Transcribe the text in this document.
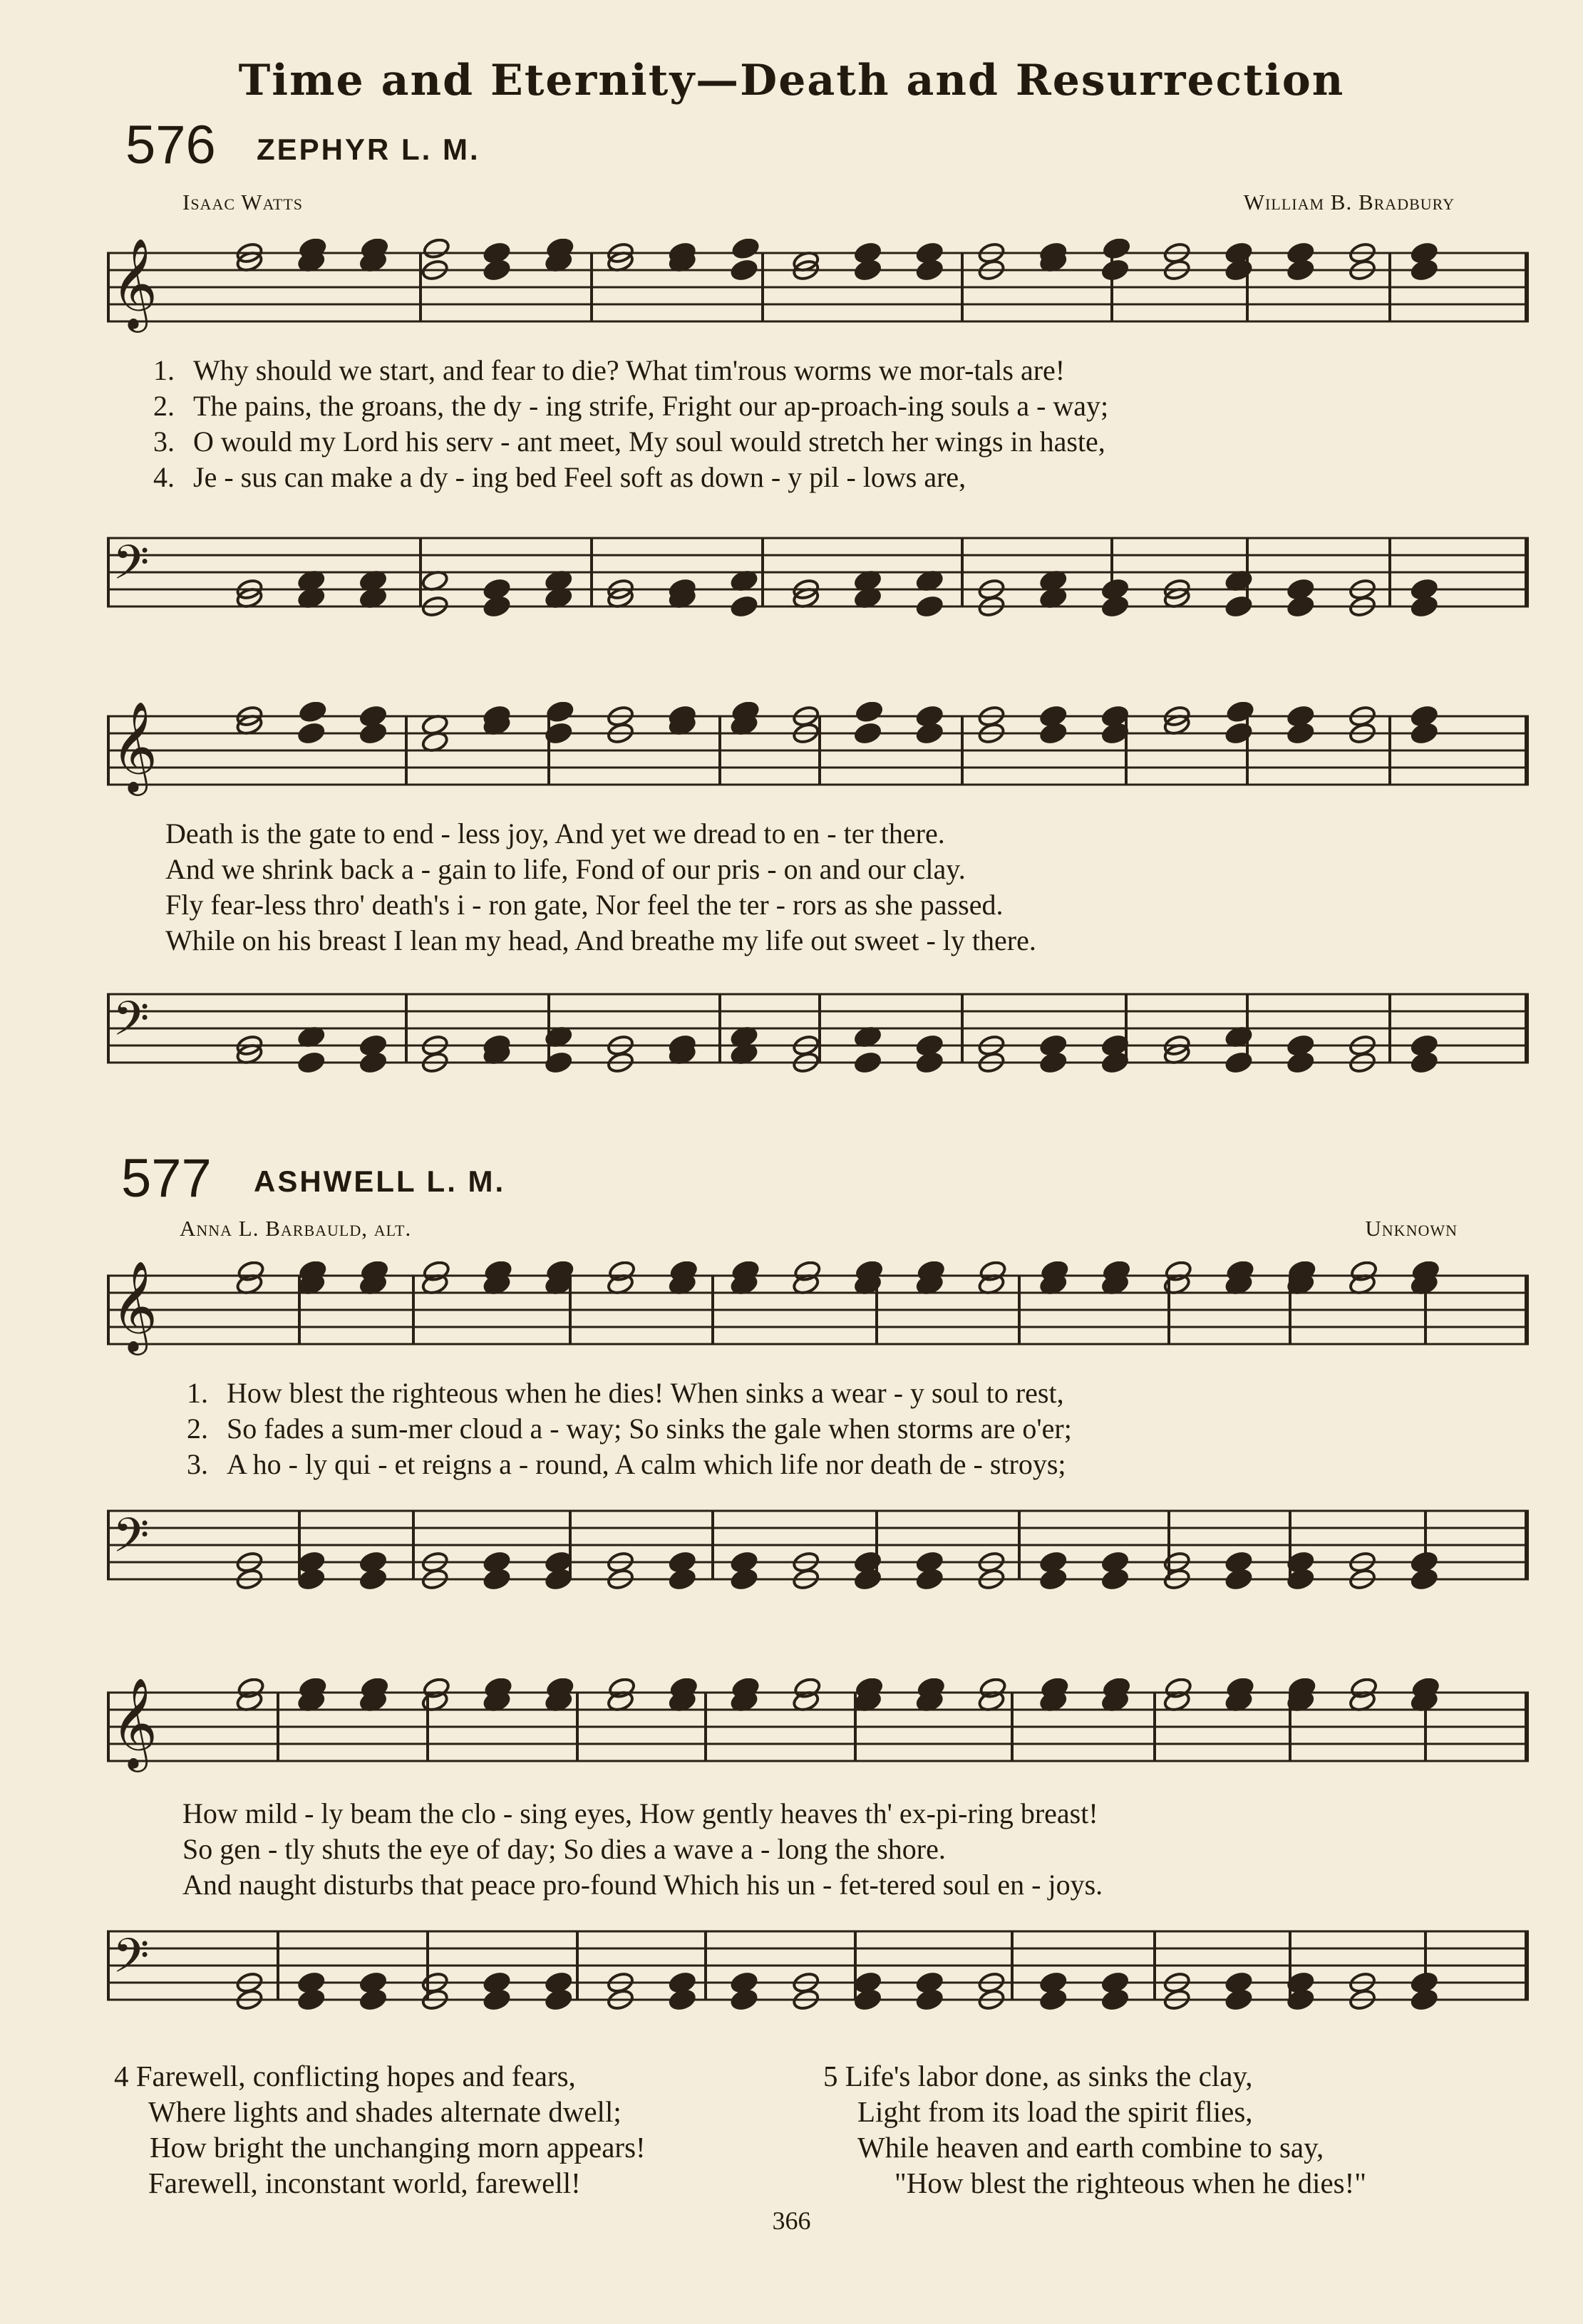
Time and Eternity—Death and Resurrection
576 ZEPHYR L. M.
Isaac Watts	William B. Bradbury
𝄞
1. Why should we start, and fear to die? What tim'rous worms we mor-tals are!
2. The pains, the groans, the dy - ing strife, Fright our ap-proach-ing souls a - way;
3. O would my Lord his serv - ant meet, My soul would stretch her wings in haste,
4. Je - sus can make a dy - ing bed Feel soft as down - y pil - lows are,
𝄢
𝄞
Death is the gate to end - less joy, And yet we dread to en - ter there.
And we shrink back a - gain to life, Fond of our pris - on and our clay.
Fly fear-less thro' death's i - ron gate, Nor feel the ter - rors as she passed.
While on his breast I lean my head, And breathe my life out sweet - ly there.
𝄢
577 ASHWELL L. M.
Anna L. Barbauld, alt.	Unknown
𝄞
1. How blest the righteous when he dies! When sinks a wear - y soul to rest,
2. So fades a sum-mer cloud a - way; So sinks the gale when storms are o'er;
3. A ho - ly qui - et reigns a - round, A calm which life nor death de - stroys;
𝄢
𝄞
How mild - ly beam the clo - sing eyes, How gently heaves th' ex-pi-ring breast!
So gen - tly shuts the eye of day; So dies a wave a - long the shore.
And naught disturbs that peace pro-found Which his un - fet-tered soul en - joys.
𝄢
4 Farewell, conflicting hopes and fears,
Where lights and shades alternate dwell;
How bright the unchanging morn appears!
Farewell, inconstant world, farewell!
5 Life's labor done, as sinks the clay,
Light from its load the spirit flies,
While heaven and earth combine to say,
"How blest the righteous when he dies!"
366
